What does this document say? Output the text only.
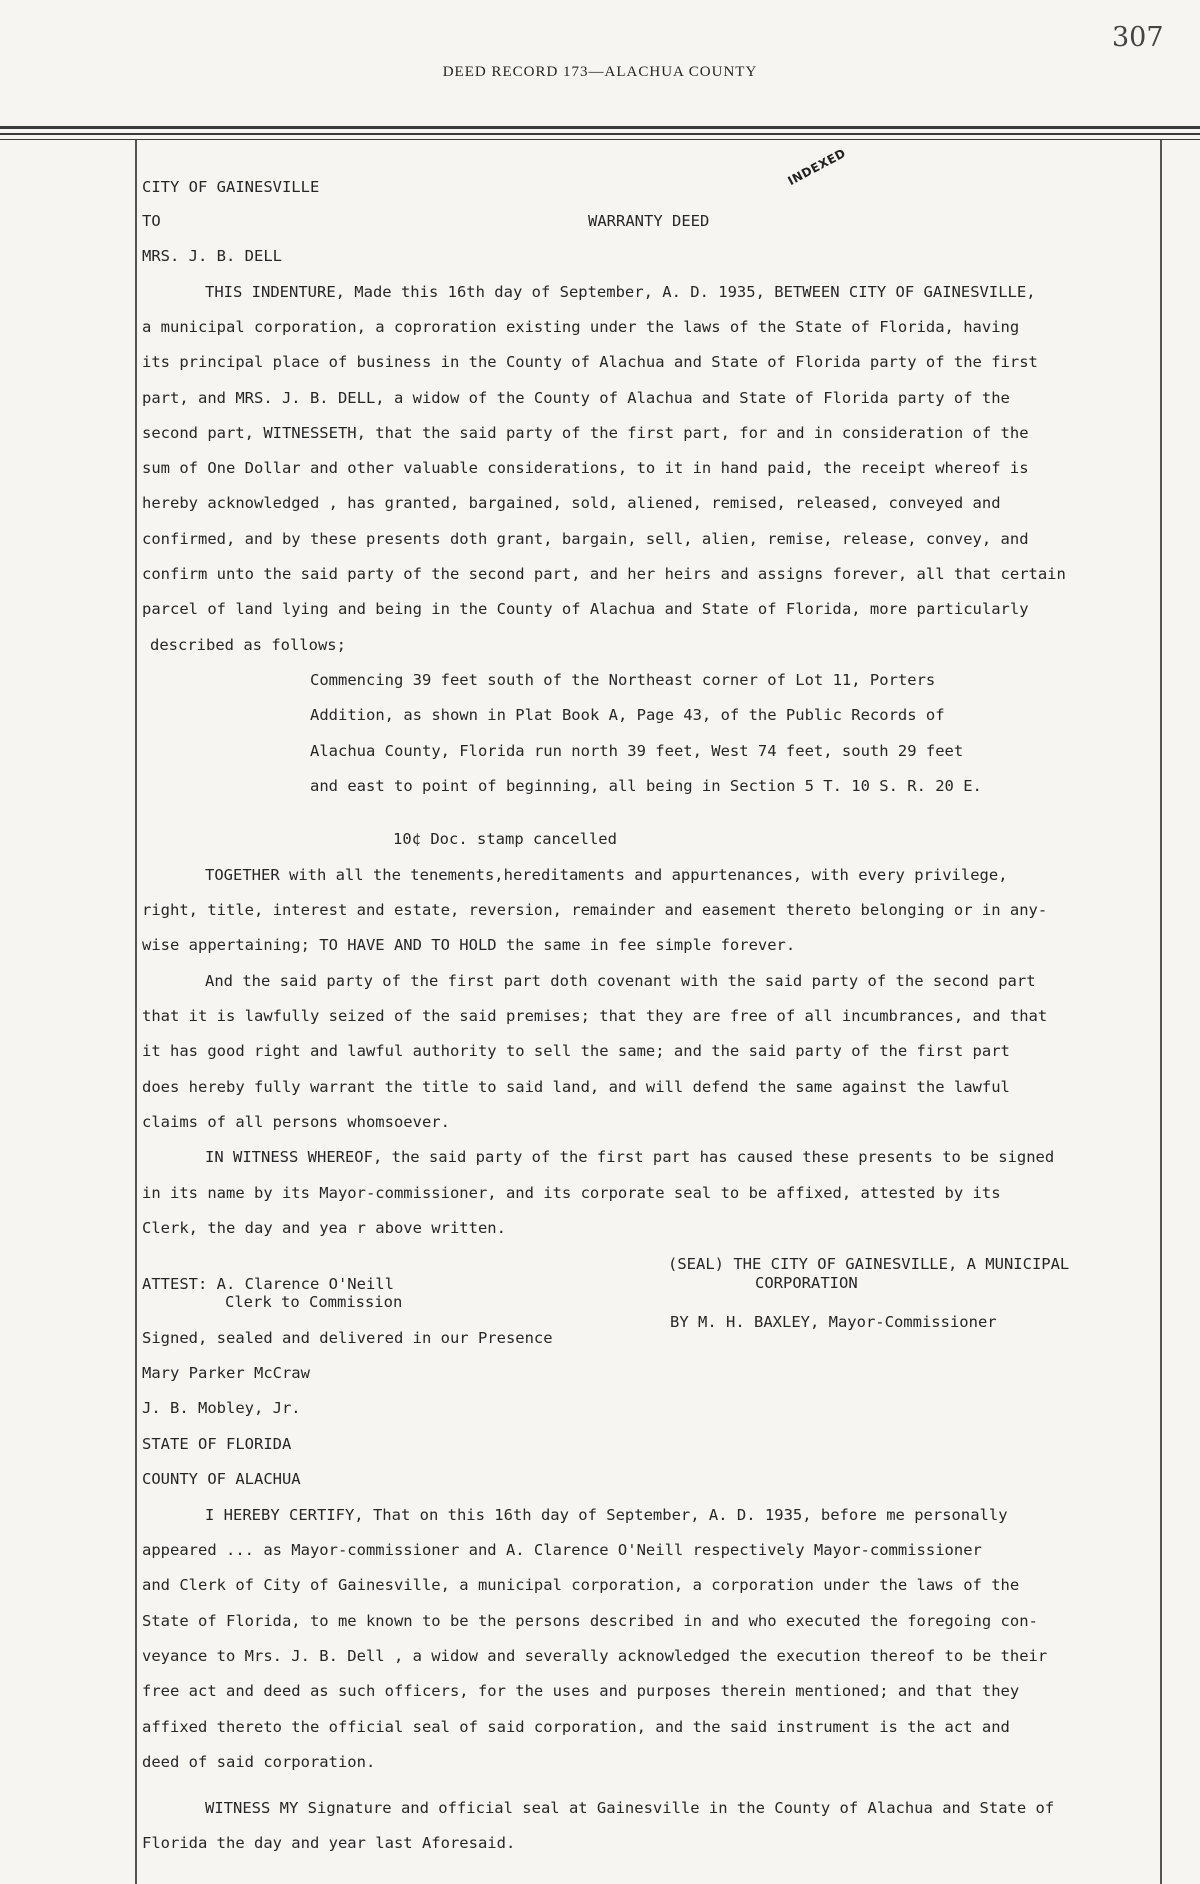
307
DEED RECORD 173—ALACHUA COUNTY
INDEXED
CITY OF GAINESVILLE
TO	WARRANTY DEED
MRS. J. B. DELL
THIS INDENTURE, Made this 16th day of September, A. D. 1935, BETWEEN CITY OF GAINESVILLE,
a municipal corporation, a coproration existing under the laws of the State of Florida, having
its principal place of business in the County of Alachua and State of Florida party of the first
part, and MRS. J. B. DELL, a widow of the County of Alachua and State of Florida party of the
second part, WITNESSETH, that the said party of the first part, for and in consideration of the
sum of One Dollar and other valuable considerations, to it in hand paid, the receipt whereof is
hereby acknowledged , has granted, bargained, sold, aliened, remised, released, conveyed and
confirmed, and by these presents doth grant, bargain, sell, alien, remise, release, convey, and
confirm unto the said party of the second part, and her heirs and assigns forever, all that certain
parcel of land lying and being in the County of Alachua and State of Florida, more particularly
described as follows;
Commencing 39 feet south of the Northeast corner of Lot 11, Porters
Addition, as shown in Plat Book A, Page 43, of the Public Records of
Alachua County, Florida run north 39 feet, West 74 feet, south 29 feet
and east to point of beginning, all being in Section 5 T. 10 S. R. 20 E.
10¢ Doc. stamp cancelled
TOGETHER with all the tenements,hereditaments and appurtenances, with every privilege,
right, title, interest and estate, reversion, remainder and easement thereto belonging or in any-
wise appertaining; TO HAVE AND TO HOLD the same in fee simple forever.
And the said party of the first part doth covenant with the said party of the second part
that it is lawfully seized of the said premises; that they are free of all incumbrances, and that
it has good right and lawful authority to sell the same; and the said party of the first part
does hereby fully warrant the title to said land, and will defend the same against the lawful
claims of all persons whomsoever.
IN WITNESS WHEREOF, the said party of the first part has caused these presents to be signed
in its name by its Mayor-commissioner, and its corporate seal to be affixed, attested by its
Clerk, the day and yea r above written.
(SEAL) THE CITY OF GAINESVILLE, A MUNICIPAL
CORPORATION
ATTEST: A. Clarence O'Neill
Clerk to Commission
BY M. H. BAXLEY, Mayor-Commissioner
Signed, sealed and delivered in our Presence
Mary Parker McCraw
J. B. Mobley, Jr.
STATE OF FLORIDA
COUNTY OF ALACHUA
I HEREBY CERTIFY, That on this 16th day of September, A. D. 1935, before me personally
appeared ... as Mayor-commissioner and A. Clarence O'Neill respectively Mayor-commissioner
and Clerk of City of Gainesville, a municipal corporation, a corporation under the laws of the
State of Florida, to me known to be the persons described in and who executed the foregoing con-
veyance to Mrs. J. B. Dell , a widow and severally acknowledged the execution thereof to be their
free act and deed as such officers, for the uses and purposes therein mentioned; and that they
affixed thereto the official seal of said corporation, and the said instrument is the act and
deed of said corporation.
WITNESS MY Signature and official seal at Gainesville in the County of Alachua and State of
Florida the day and year last Aforesaid.
